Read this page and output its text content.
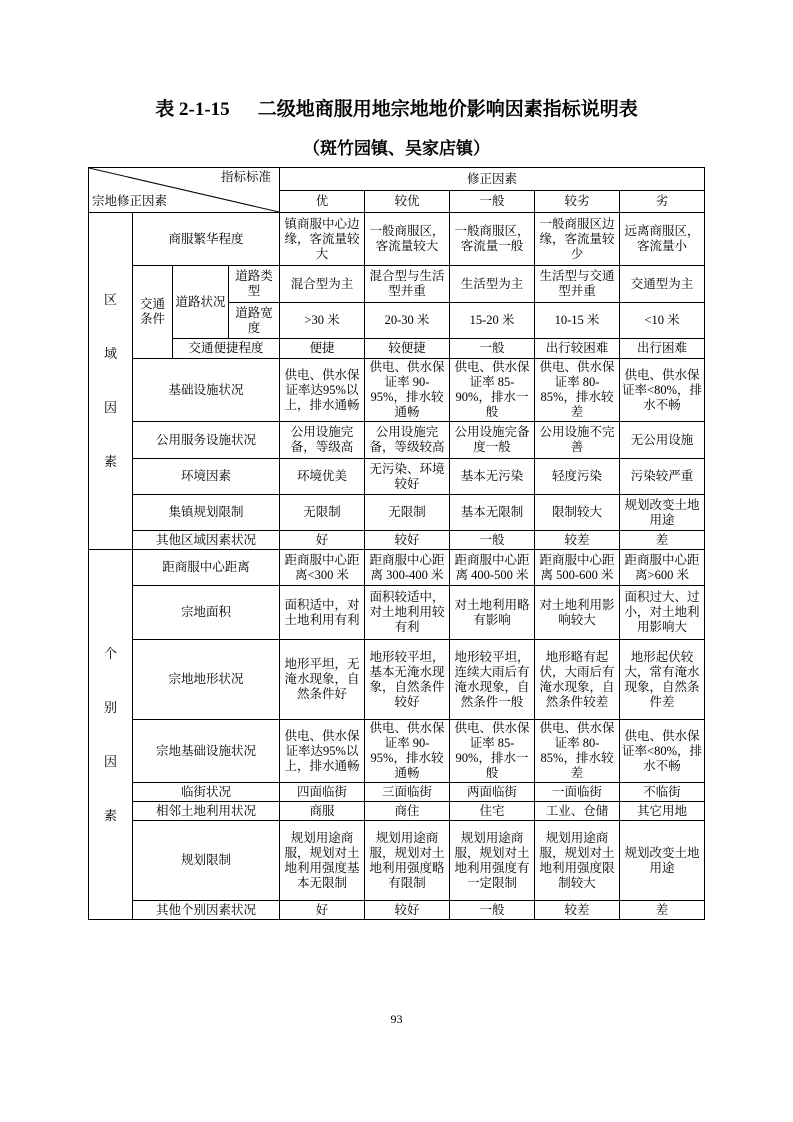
表 2-1-15 二级地商服用地宗地地价影响因素指标说明表
（斑竹园镇、吴家店镇）
指标标准
宗地修正因素				修正因素				
				优	较优	一般	较劣	劣

区域因素	商服繁华程度			镇商服中心边缘，客流量较大	一般商服区，客流量较大	一般商服区，客流量一般	一般商服区边缘，客流量较少	远离商服区，客流量小
	交通条件	道路状况	道路类型	混合型为主	混合型与生活型并重	生活型为主	生活型与交通型并重	交通型为主
			道路宽度	>30 米	20-30 米	15-20 米	10-15 米	<10 米
		交通便捷程度		便捷	较便捷	一般	出行较困难	出行困难
	基础设施状况			供电、供水保证率达95%以上，排水通畅	供电、供水保证率 90-95%，排水较通畅	供电、供水保证率 85-90%，排水一般	供电、供水保证率 80-85%，排水较差	供电、供水保证率<80%，排水不畅
	公用服务设施状况			公用设施完备，等级高	公用设施完备，等级较高	公用设施完备度一般	公用设施不完善	无公用设施
	环境因素			环境优美	无污染、环境较好	基本无污染	轻度污染	污染较严重
	集镇规划限制			无限制	无限制	基本无限制	限制较大	规划改变土地用途
	其他区域因素状况			好	较好	一般	较差	差

个别因素	距商服中心距离			距商服中心距离<300 米	距商服中心距离 300-400 米	距商服中心距离 400-500 米	距商服中心距离 500-600 米	距商服中心距离>600 米
	宗地面积			面积适中，对土地利用有利	面积较适中，对土地利用较有利	对土地利用略有影响	对土地利用影响较大	面积过大、过小，对土地利用影响大
	宗地地形状况			地形平坦，无淹水现象，自然条件好	地形较平坦，基本无淹水现象，自然条件较好	地形较平坦，连续大雨后有淹水现象，自然条件一般	地形略有起伏，大雨后有淹水现象，自然条件较差	地形起伏较大，常有淹水现象，自然条件差
	宗地基础设施状况			供电、供水保证率达95%以上，排水通畅	供电、供水保证率 90-95%，排水较通畅	供电、供水保证率 85-90%，排水一般	供电、供水保证率 80-85%，排水较差	供电、供水保证率<80%，排水不畅
	临街状况			四面临街	三面临街	两面临街	一面临街	不临街
	相邻土地利用状况			商服	商住	住宅	工业、仓储	其它用地
	规划限制			规划用途商服，规划对土地利用强度基本无限制	规划用途商服，规划对土地利用强度略有限制	规划用途商服，规划对土地利用强度有一定限制	规划用途商服，规划对土地利用强度限制较大	规划改变土地用途
	其他个别因素状况			好	较好	一般	较差	差
93
